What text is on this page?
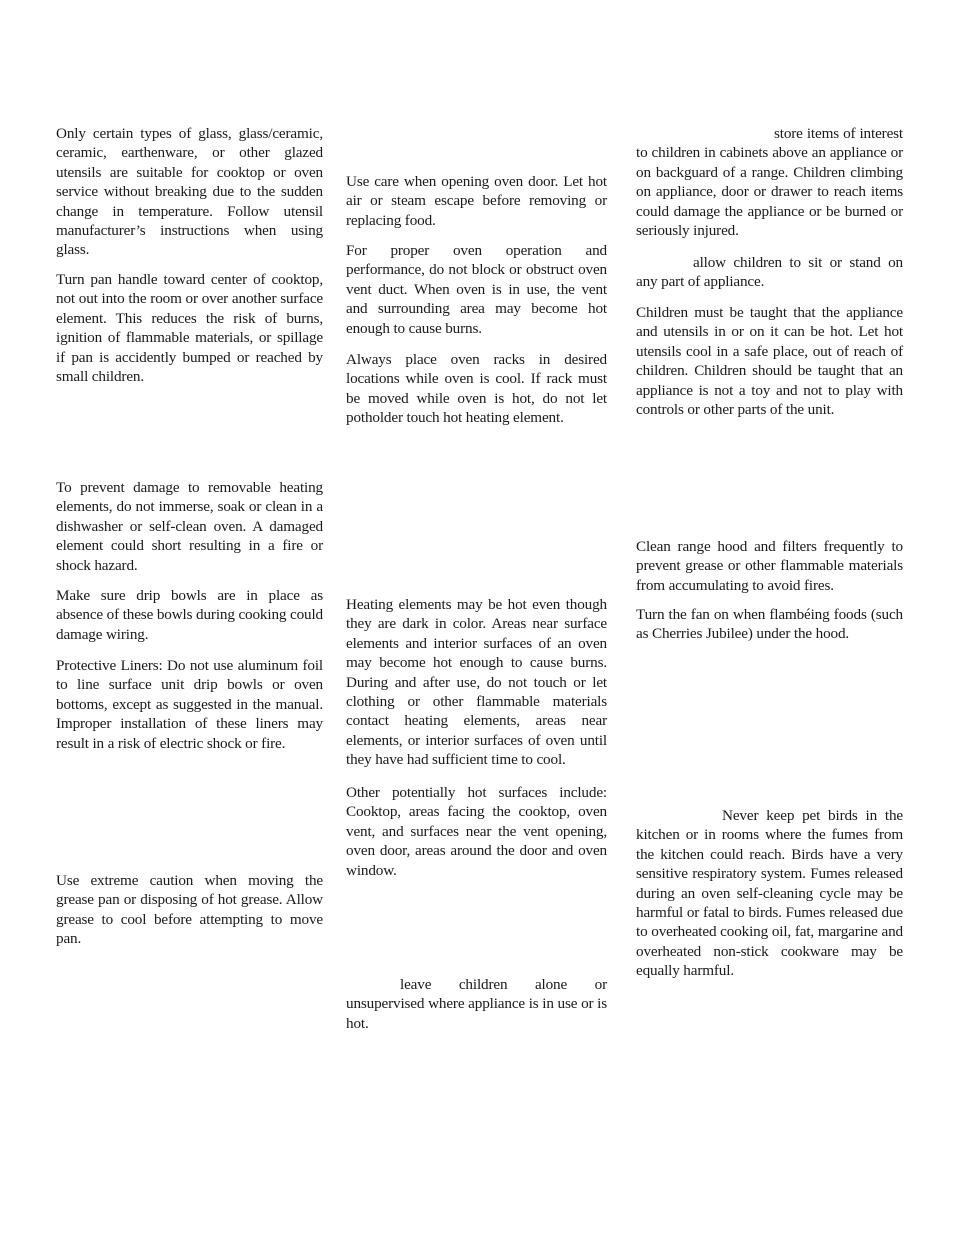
Only certain types of glass, glass/ceramic, ceramic, earthenware, or other glazed utensils are suitable for cooktop or oven service without breaking due to the sudden change in temperature. Follow utensil manufacturer’s instructions when using glass.

Turn pan handle toward center of cooktop, not out into the room or over another surface element. This reduces the risk of burns, ignition of flammable materials, or spillage if pan is accidently bumped or reached by small children.

To prevent damage to removable heating elements, do not immerse, soak or clean in a dishwasher or self-clean oven. A damaged element could short resulting in a fire or shock hazard.

Make sure drip bowls are in place as absence of these bowls during cooking could damage wiring.

Protective Liners: Do not use aluminum foil to line surface unit drip bowls or oven bottoms, except as suggested in the manual. Improper installation of these liners may result in a risk of electric shock or fire.

Use extreme caution when moving the grease pan or disposing of hot grease. Allow grease to cool before attempting to move pan.

Use care when opening oven door. Let hot air or steam escape before removing or replacing food.

For proper oven operation and performance, do not block or obstruct oven vent duct. When oven is in use, the vent and surrounding area may become hot enough to cause burns.

Always place oven racks in desired locations while oven is cool. If rack must be moved while oven is hot, do not let potholder touch hot heating element.

Heating elements may be hot even though they are dark in color. Areas near surface elements and interior surfaces of an oven may become hot enough to cause burns. During and after use, do not touch or let clothing or other flammable materials contact heating elements, areas near elements, or interior surfaces of oven until they have had sufficient time to cool.

Other potentially hot surfaces include: Cooktop, areas facing the cooktop, oven vent, and surfaces near the vent opening, oven door, areas around the door and oven window.

leave children alone or unsupervised where appliance is in use or is hot.

store items of interest to children in cabinets above an appliance or on backguard of a range. Children climbing on appliance, door or drawer to reach items could damage the appliance or be burned or seriously injured.

allow children to sit or stand on any part of appliance.

Children must be taught that the appliance and utensils in or on it can be hot. Let hot utensils cool in a safe place, out of reach of children. Children should be taught that an appliance is not a toy and not to play with controls or other parts of the unit.

Clean range hood and filters frequently to prevent grease or other flammable materials from accumulating to avoid fires.

Turn the fan on when flambéing foods (such as Cherries Jubilee) under the hood.

Never keep pet birds in the kitchen or in rooms where the fumes from the kitchen could reach. Birds have a very sensitive respiratory system. Fumes released during an oven self-cleaning cycle may be harmful or fatal to birds. Fumes released due to overheated cooking oil, fat, margarine and overheated non-stick cookware may be equally harmful.
